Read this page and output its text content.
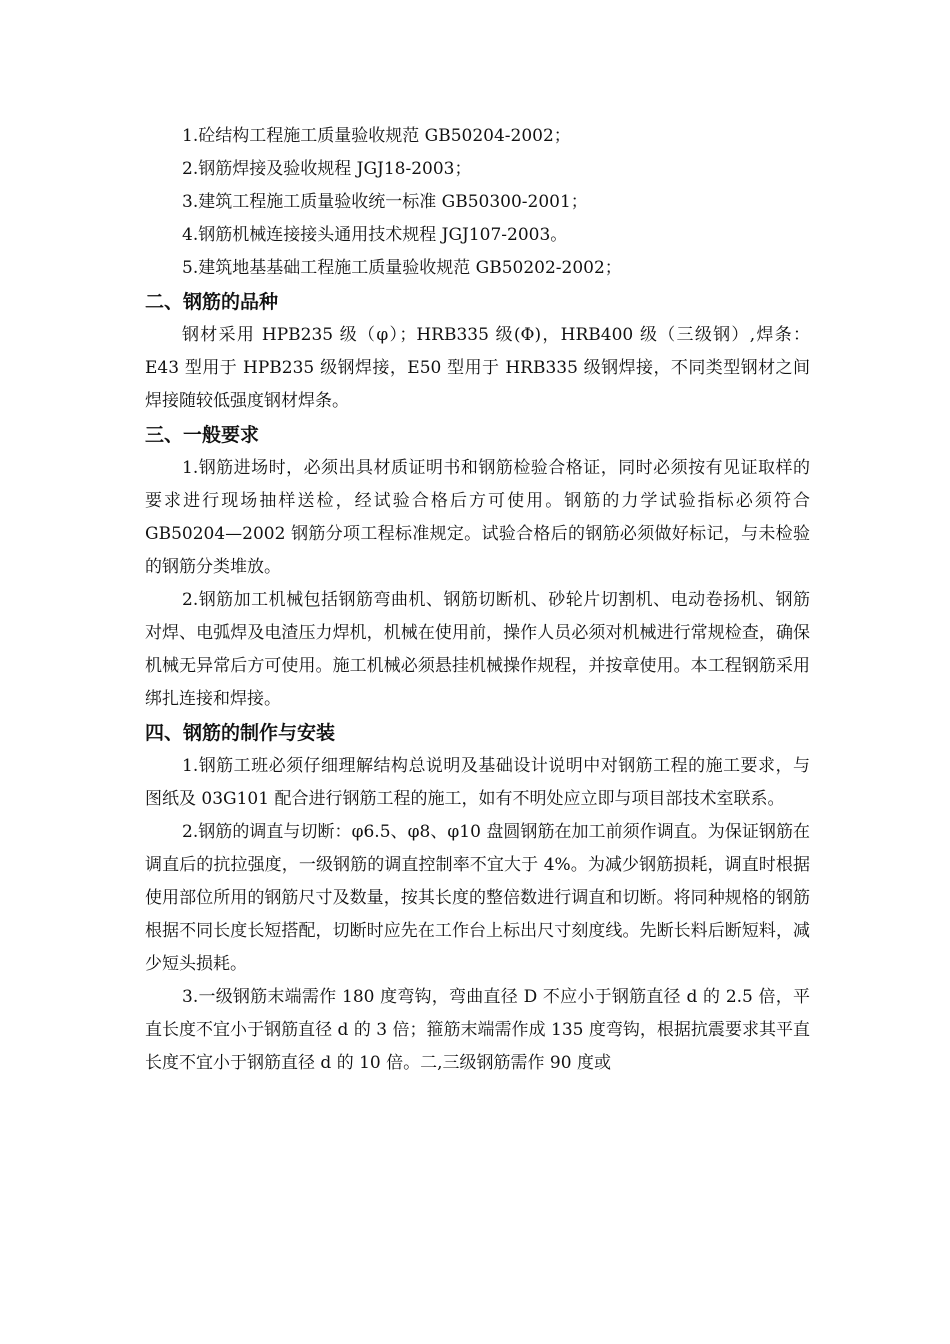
1.砼结构工程施工质量验收规范 GB50204-2002；

2.钢筋焊接及验收规程 JGJ18-2003；

3.建筑工程施工质量验收统一标准 GB50300-2001；

4.钢筋机械连接接头通用技术规程 JGJ107-2003。

5.建筑地基基础工程施工质量验收规范 GB50202-2002；

二、钢筋的品种

钢材采用 HPB235 级（φ）；HRB335 级(Φ)，HRB400 级（三级钢）,焊条：E43 型用于 HPB235 级钢焊接，E50 型用于 HRB335 级钢焊接，不同类型钢材之间焊接随较低强度钢材焊条。

三、一般要求

1.钢筋进场时，必须出具材质证明书和钢筋检验合格证，同时必须按有见证取样的要求进行现场抽样送检，经试验合格后方可使用。钢筋的力学试验指标必须符合 GB50204—2002 钢筋分项工程标准规定。试验合格后的钢筋必须做好标记，与未检验的钢筋分类堆放。

2.钢筋加工机械包括钢筋弯曲机、钢筋切断机、砂轮片切割机、电动卷扬机、钢筋对焊、电弧焊及电渣压力焊机，机械在使用前，操作人员必须对机械进行常规检查，确保机械无异常后方可使用。施工机械必须悬挂机械操作规程，并按章使用。本工程钢筋采用绑扎连接和焊接。

四、钢筋的制作与安装

1.钢筋工班必须仔细理解结构总说明及基础设计说明中对钢筋工程的施工要求，与图纸及 03G101 配合进行钢筋工程的施工，如有不明处应立即与项目部技术室联系。

2.钢筋的调直与切断：φ6.5、φ8、φ10 盘圆钢筋在加工前须作调直。为保证钢筋在调直后的抗拉强度，一级钢筋的调直控制率不宜大于 4%。为减少钢筋损耗，调直时根据使用部位所用的钢筋尺寸及数量，按其长度的整倍数进行调直和切断。将同种规格的钢筋根据不同长度长短搭配，切断时应先在工作台上标出尺寸刻度线。先断长料后断短料，减少短头损耗。

3.一级钢筋末端需作 180 度弯钩，弯曲直径 D 不应小于钢筋直径 d 的 2.5 倍，平直长度不宜小于钢筋直径 d 的 3 倍；箍筋末端需作成 135 度弯钩，根据抗震要求其平直长度不宜小于钢筋直径 d 的 10 倍。二,三级钢筋需作 90 度或
